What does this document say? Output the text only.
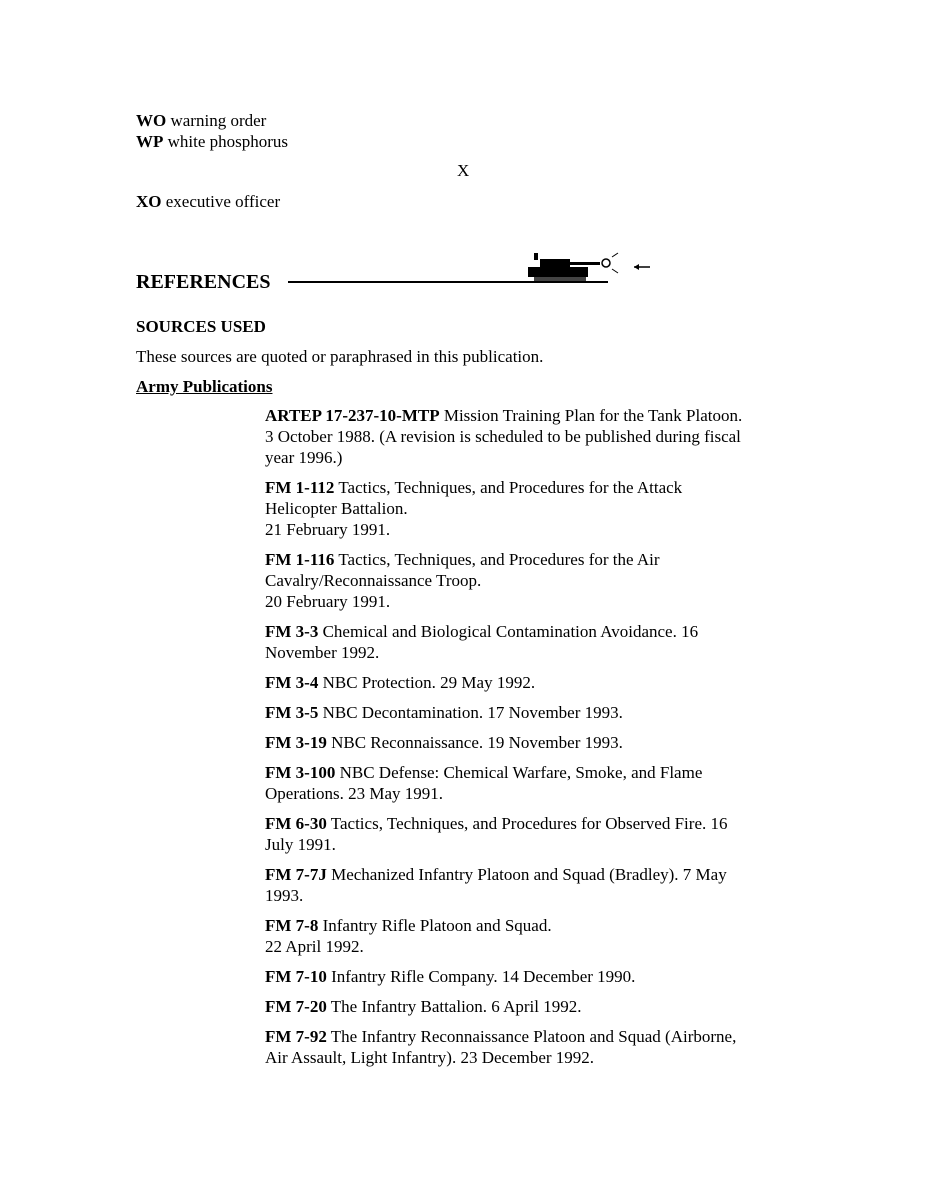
WO warning order
WP white phosphorus
X
XO executive officer
REFERENCES
SOURCES USED
These sources are quoted or paraphrased in this publication.
Army Publications
ARTEP 17-237-10-MTP Mission Training Plan for the Tank Platoon.
3 October 1988. (A revision is scheduled to be published during fiscal
year 1996.)
FM 1-112 Tactics, Techniques, and Procedures for the Attack
Helicopter Battalion.
21 February 1991.
FM 1-116 Tactics, Techniques, and Procedures for the Air
Cavalry/Reconnaissance Troop.
20 February 1991.
FM 3-3 Chemical and Biological Contamination Avoidance. 16
November 1992.
FM 3-4 NBC Protection. 29 May 1992.
FM 3-5 NBC Decontamination. 17 November 1993.
FM 3-19 NBC Reconnaissance. 19 November 1993.
FM 3-100 NBC Defense: Chemical Warfare, Smoke, and Flame
Operations. 23 May 1991.
FM 6-30 Tactics, Techniques, and Procedures for Observed Fire. 16
July 1991.
FM 7-7J Mechanized Infantry Platoon and Squad (Bradley). 7 May
1993.
FM 7-8 Infantry Rifle Platoon and Squad.
22 April 1992.
FM 7-10 Infantry Rifle Company. 14 December 1990.
FM 7-20 The Infantry Battalion. 6 April 1992.
FM 7-92 The Infantry Reconnaissance Platoon and Squad (Airborne,
Air Assault, Light Infantry). 23 December 1992.
